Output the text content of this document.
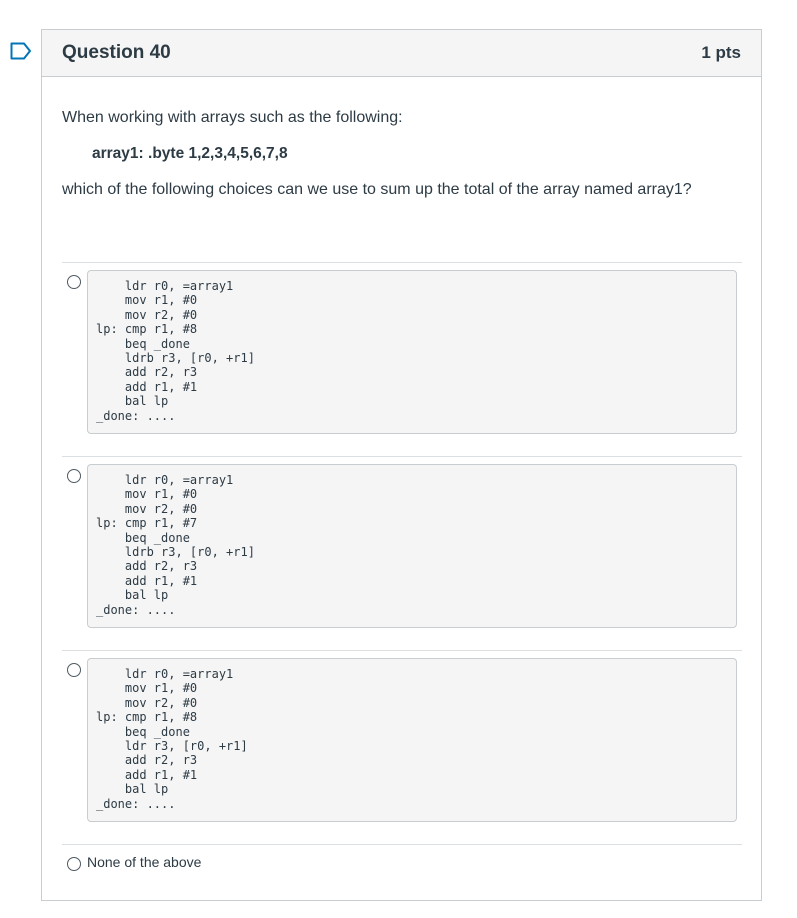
Question 40	1 pts
When working with arrays such as the following:
array1: .byte 1,2,3,4,5,6,7,8
which of the following choices can we use to sum up the total of the array named array1?
ldr r0, =array1
mov r1, #0
mov r2, #0
lp: cmp r1, #8
beq _done
ldrb r3, [r0, +r1]
add r2, r3
add r1, #1
bal lp
_done: ....
ldr r0, =array1
mov r1, #0
mov r2, #0
lp: cmp r1, #7
beq _done
ldrb r3, [r0, +r1]
add r2, r3
add r1, #1
bal lp
_done: ....
ldr r0, =array1
mov r1, #0
mov r2, #0
lp: cmp r1, #8
beq _done
ldr r3, [r0, +r1]
add r2, r3
add r1, #1
bal lp
_done: ....
None of the above
